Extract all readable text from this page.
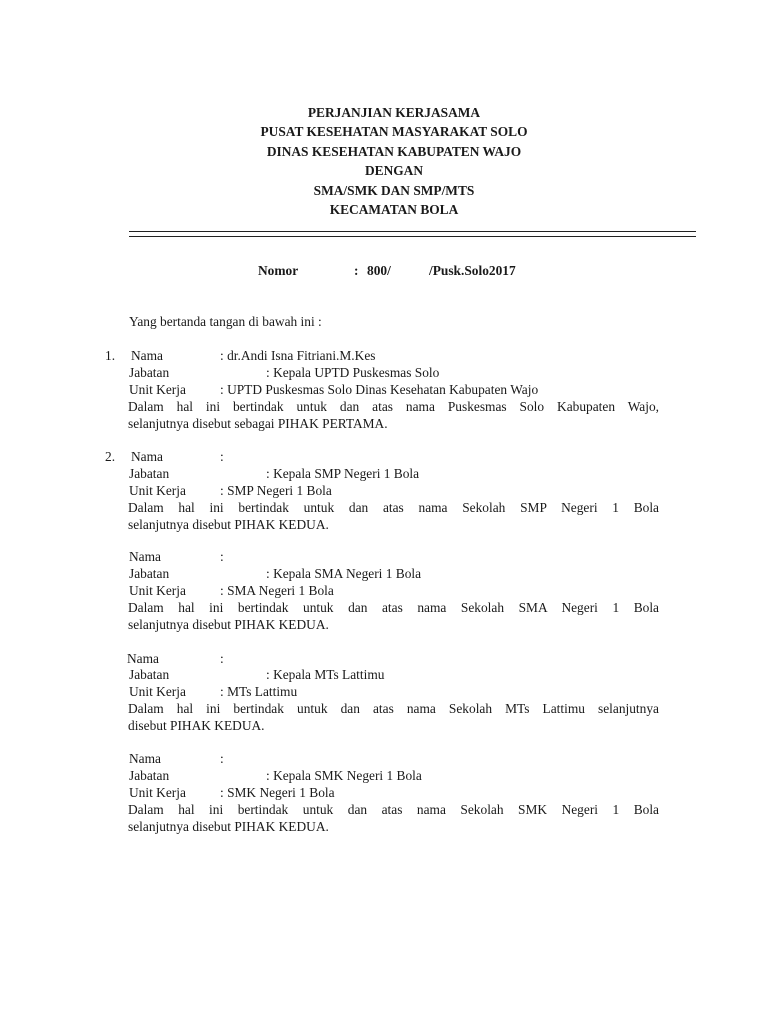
PERJANJIAN KERJASAMA
PUSAT KESEHATAN MASYARAKAT SOLO
DINAS KESEHATAN KABUPATEN WAJO
DENGAN
SMA/SMK DAN SMP/MTS
KECAMATAN BOLA
Nomor	: 800/	/Pusk.Solo2017
Yang bertanda tangan di bawah ini :
1. Nama	: dr.Andi Isna Fitriani.M.Kes
Jabatan	: Kepala UPTD Puskesmas Solo
Unit Kerja	: UPTD Puskesmas Solo Dinas Kesehatan Kabupaten Wajo
Dalam hal ini bertindak untuk dan atas nama Puskesmas Solo Kabupaten Wajo,
selanjutnya disebut sebagai PIHAK PERTAMA.
2. Nama	:
Jabatan	: Kepala SMP Negeri 1 Bola
Unit Kerja	: SMP Negeri 1 Bola
Dalam hal ini bertindak untuk dan atas nama Sekolah SMP Negeri 1 Bola
selanjutnya disebut PIHAK KEDUA.
Nama	:
Jabatan	: Kepala SMA Negeri 1 Bola
Unit Kerja	: SMA Negeri 1 Bola
Dalam hal ini bertindak untuk dan atas nama Sekolah SMA Negeri 1 Bola
selanjutnya disebut PIHAK KEDUA.
Nama	:
Jabatan	: Kepala MTs Lattimu
Unit Kerja	: MTs Lattimu
Dalam hal ini bertindak untuk dan atas nama Sekolah MTs Lattimu selanjutnya
disebut PIHAK KEDUA.
Nama	:
Jabatan	: Kepala SMK Negeri 1 Bola
Unit Kerja	: SMK Negeri 1 Bola
Dalam hal ini bertindak untuk dan atas nama Sekolah SMK Negeri 1 Bola
selanjutnya disebut PIHAK KEDUA.
